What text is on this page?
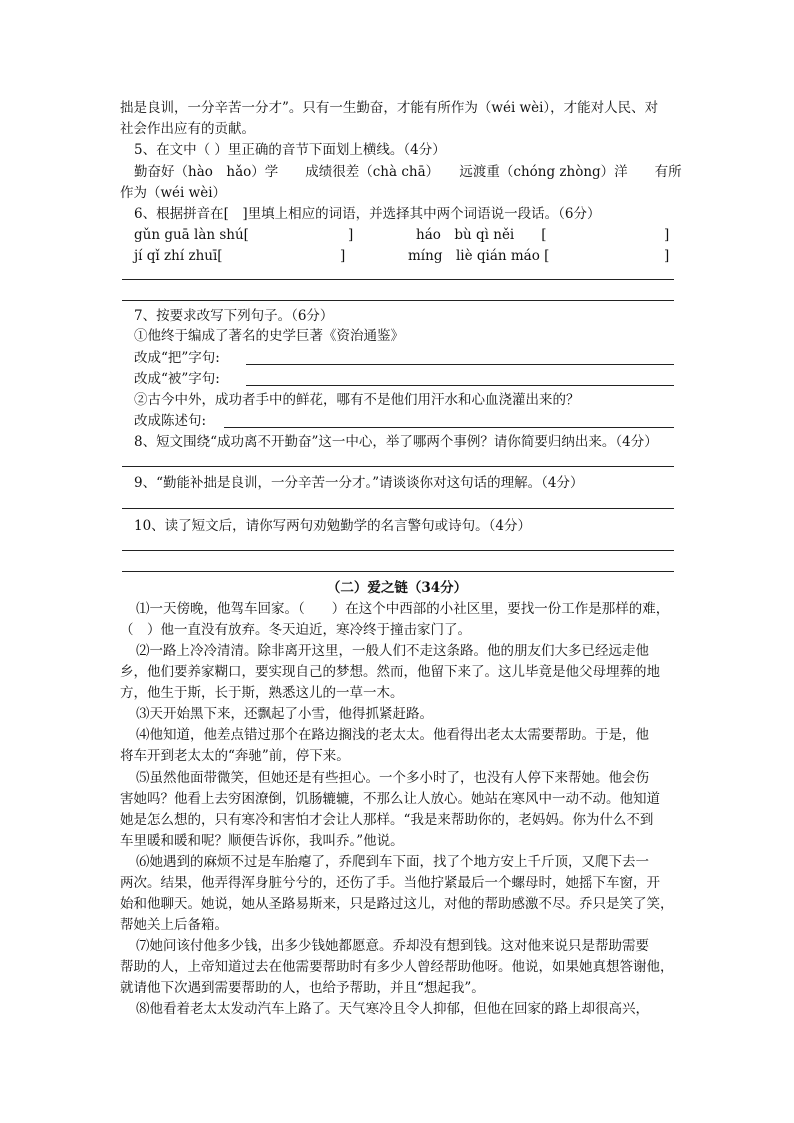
拙是良训，一分辛苦一分才”。只有一生勤奋，才能有所作为（wéi wèi），才能对人民、对
社会作出应有的贡献。
5、在文中（ ）里正确的音节下面划上横线。（4分）
勤奋好（hào　hǎo）学　　成绩很差（chà chā）　　远渡重（chóng zhòng）洋　　有所
作为（wéi wèi）
6、根据拼音在[　]里填上相应的词语，并选择其中两个词语说一段话。（6分）
gǔn guā làn shú[	]	háo　bù qì něi　　[	]
jí qǐ zhí zhuī[	]	míng　liè qián máo [	]
7、按要求改写下列句子。（6分）
①他终于编成了著名的史学巨著《资治通鉴》
改成“把”字句:
改成“被”字句:
②古今中外，成功者手中的鲜花，哪有不是他们用汗水和心血浇灌出来的？
改成陈述句:
8、短文围绕“成功离不开勤奋”这一中心，举了哪两个事例？请你简要归纳出来。（4分）
9、“勤能补拙是良训，一分辛苦一分才。”请谈谈你对这句话的理解。（4分）
10、读了短文后，请你写两句劝勉勤学的名言警句或诗句。（4分）
（二）爱之链（34分）
⑴一天傍晚，他驾车回家。（　　）在这个中西部的小社区里，要找一份工作是那样的难，
（　）他一直没有放弃。冬天迫近，寒冷终于撞击家门了。
⑵一路上冷冷清清。除非离开这里，一般人们不走这条路。他的朋友们大多已经远走他
乡，他们要养家糊口，要实现自己的梦想。然而，他留下来了。这儿毕竟是他父母埋葬的地
方，他生于斯，长于斯，熟悉这儿的一草一木。
⑶天开始黑下来，还飘起了小雪，他得抓紧赶路。
⑷他知道，他差点错过那个在路边搁浅的老太太。他看得出老太太需要帮助。于是，他
将车开到老太太的“奔驰”前，停下来。
⑸虽然他面带微笑，但她还是有些担心。一个多小时了，也没有人停下来帮她。他会伤
害她吗？他看上去穷困潦倒，饥肠辘辘，不那么让人放心。她站在寒风中一动不动。他知道
她是怎么想的，只有寒冷和害怕才会让人那样。“我是来帮助你的，老妈妈。你为什么不到
车里暖和暖和呢？顺便告诉你，我叫乔。”他说。
⑹她遇到的麻烦不过是车胎瘪了，乔爬到车下面，找了个地方安上千斤顶，又爬下去一
两次。结果，他弄得浑身脏兮兮的，还伤了手。当他拧紧最后一个螺母时，她摇下车窗，开
始和他聊天。她说，她从圣路易斯来，只是路过这儿，对他的帮助感激不尽。乔只是笑了笑，
帮她关上后备箱。
⑺她问该付他多少钱，出多少钱她都愿意。乔却没有想到钱。这对他来说只是帮助需要
帮助的人，上帝知道过去在他需要帮助时有多少人曾经帮助他呀。他说，如果她真想答谢他，
就请他下次遇到需要帮助的人，也给予帮助，并且“想起我”。
⑻他看着老太太发动汽车上路了。天气寒冷且令人抑郁，但他在回家的路上却很高兴，
